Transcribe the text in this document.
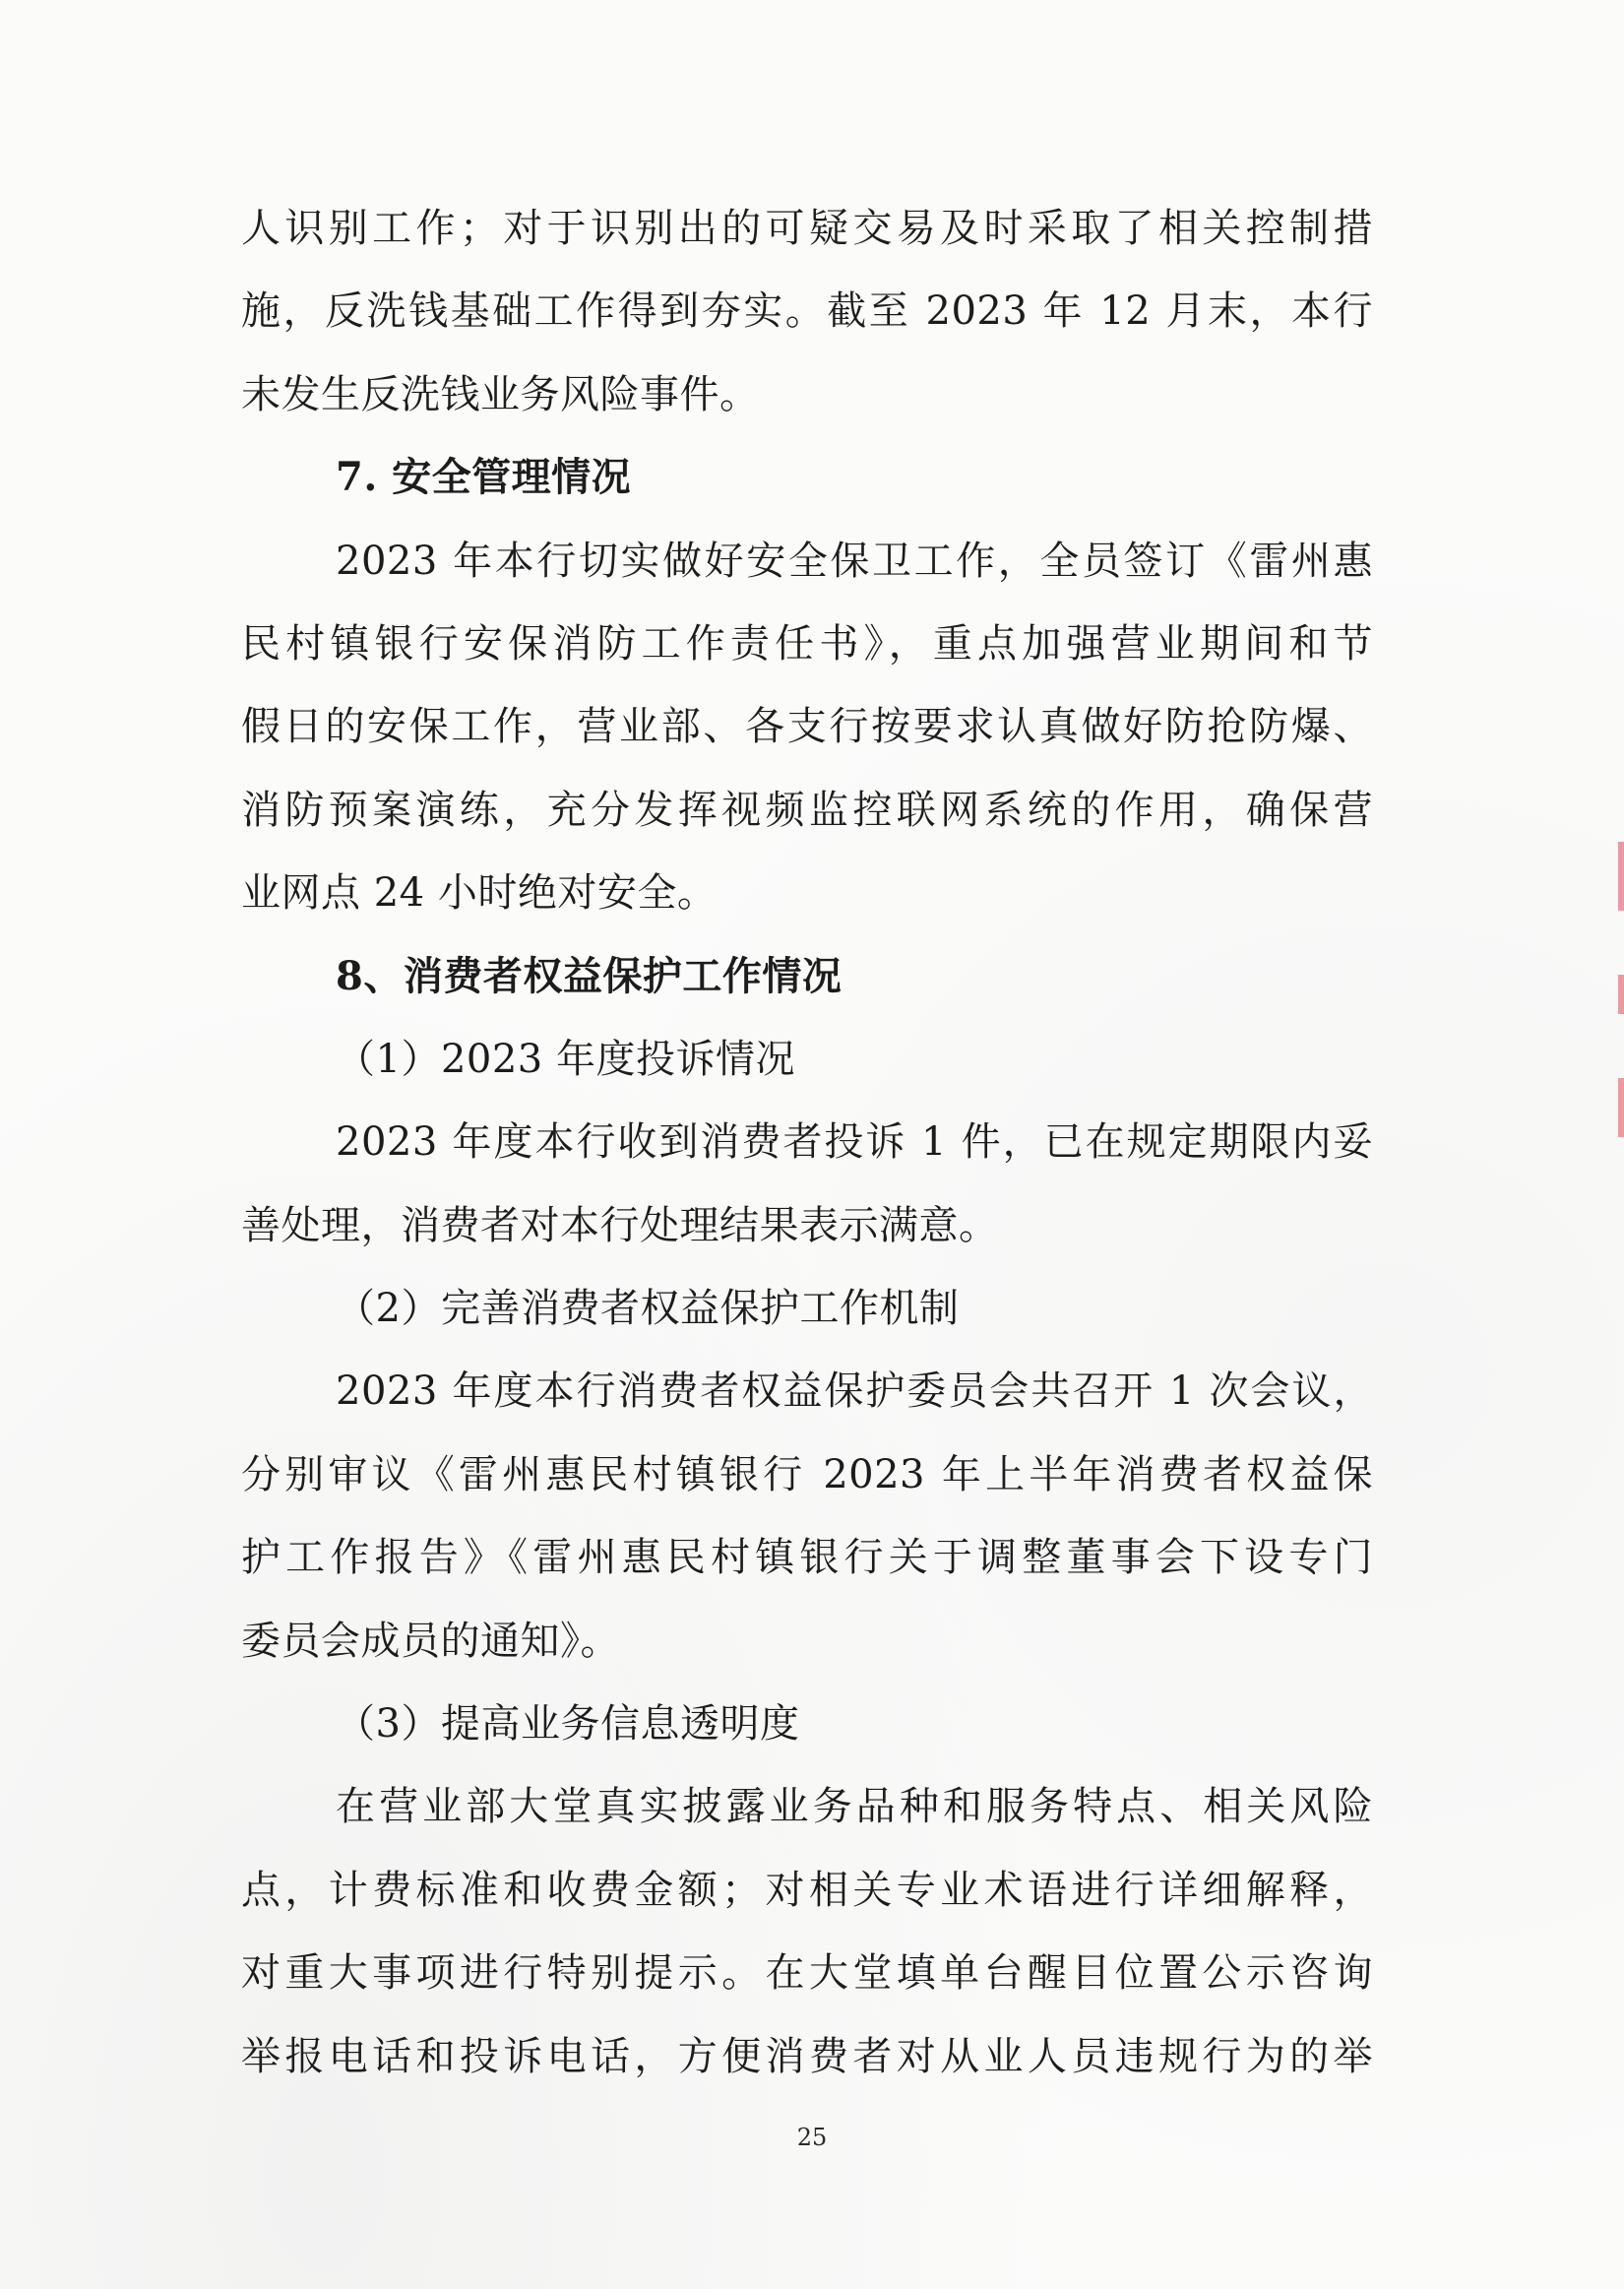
人识别工作；对于识别出的可疑交易及时采取了相关控制措
施，反洗钱基础工作得到夯实。截至 2023 年 12 月末，本行
未发生反洗钱业务风险事件。
7. 安全管理情况
2023 年本行切实做好安全保卫工作，全员签订《雷州惠
民村镇银行安保消防工作责任书》，重点加强营业期间和节
假日的安保工作，营业部、各支行按要求认真做好防抢防爆、
消防预案演练，充分发挥视频监控联网系统的作用，确保营
业网点 24 小时绝对安全。
8、消费者权益保护工作情况
（1）2023 年度投诉情况
2023 年度本行收到消费者投诉 1 件，已在规定期限内妥
善处理，消费者对本行处理结果表示满意。
（2）完善消费者权益保护工作机制
2023 年度本行消费者权益保护委员会共召开 1 次会议，
分别审议《雷州惠民村镇银行 2023 年上半年消费者权益保
护工作报告》《雷州惠民村镇银行关于调整董事会下设专门
委员会成员的通知》。
（3）提高业务信息透明度
在营业部大堂真实披露业务品种和服务特点、相关风险
点，计费标准和收费金额；对相关专业术语进行详细解释，
对重大事项进行特别提示。在大堂填单台醒目位置公示咨询
举报电话和投诉电话，方便消费者对从业人员违规行为的举
25
